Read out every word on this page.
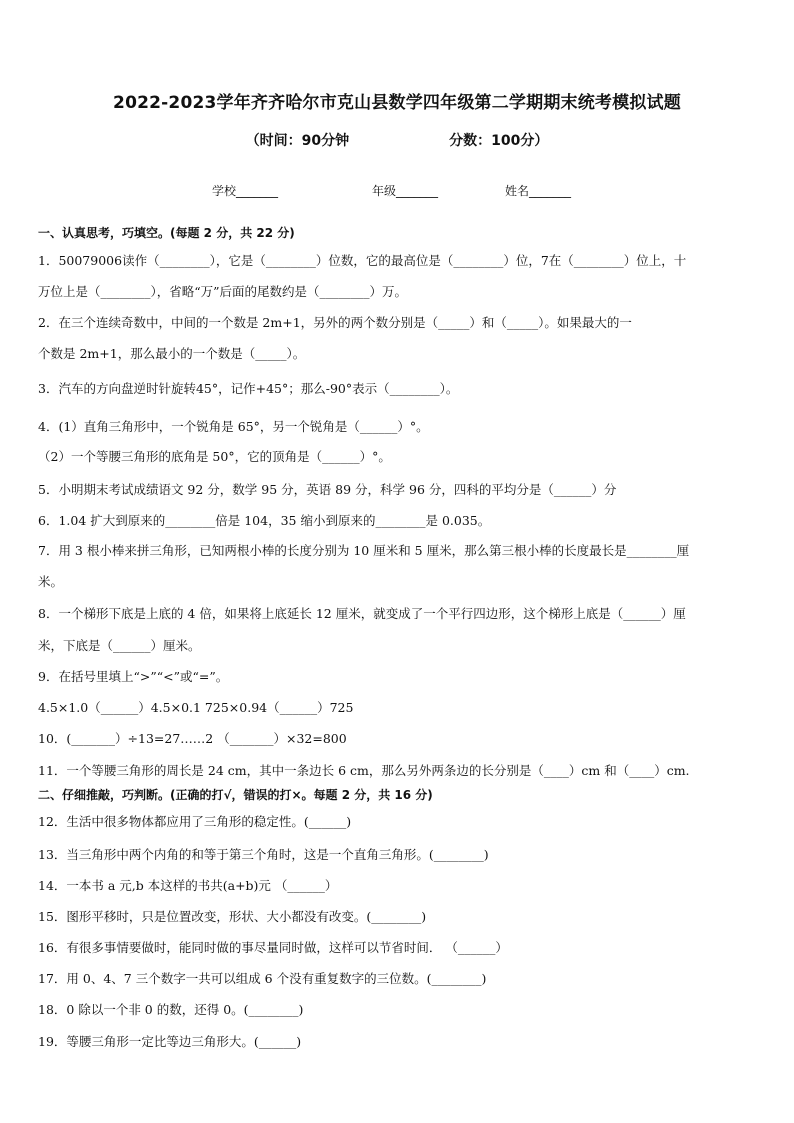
2022-2023学年齐齐哈尔市克山县数学四年级第二学期期末统考模拟试题
（时间：90分钟	分数：100分）
学校_______	年级_______	姓名_______
一、认真思考，巧填空。(每题 2 分，共 22 分)
1．50079006读作（________），它是（________）位数，它的最高位是（________）位，7在（________）位上，十
万位上是（________），省略“万”后面的尾数约是（________）万。
2．在三个连续奇数中，中间的一个数是 2m+1，另外的两个数分别是（_____）和（_____）。如果最大的一
个数是 2m+1，那么最小的一个数是（_____）。
3．汽车的方向盘逆时针旋转45°，记作+45°；那么-90°表示（________）。
4．(1）直角三角形中，一个锐角是 65°，另一个锐角是（______）°。
（2）一个等腰三角形的底角是 50°，它的顶角是（______）°。
5．小明期末考试成绩语文 92 分，数学 95 分，英语 89 分，科学 96 分，四科的平均分是（______）分
6．1.04 扩大到原来的________倍是 104，35 缩小到原来的________是 0.035。
7．用 3 根小棒来拼三角形，已知两根小棒的长度分别为 10 厘米和 5 厘米，那么第三根小棒的长度最长是________厘
米。
8．一个梯形下底是上底的 4 倍，如果将上底延长 12 厘米，就变成了一个平行四边形，这个梯形上底是（______）厘
米，下底是（______）厘米。
9．在括号里填上“>”“<”或“=”。
4.5×1.0（______）4.5×0.1 725×0.94（______）725
10．(_______）÷13=27……2 （_______）×32=800
11．一个等腰三角形的周长是 24 cm，其中一条边长 6 cm，那么另外两条边的长分别是（____）cm 和（____）cm.
二、仔细推敲，巧判断。(正确的打√，错误的打×。每题 2 分，共 16 分)
12．生活中很多物体都应用了三角形的稳定性。(______)
13．当三角形中两个内角的和等于第三个角时，这是一个直角三角形。(________)
14．一本书 a 元,b 本这样的书共(a+b)元 （______）
15．图形平移时，只是位置改变，形状、大小都没有改变。(________)
16．有很多事情要做时，能同时做的事尽量同时做，这样可以节省时间． （______）
17．用 0、4、7 三个数字一共可以组成 6 个没有重复数字的三位数。(________)
18．0 除以一个非 0 的数，还得 0。(________)
19．等腰三角形一定比等边三角形大。(______)
